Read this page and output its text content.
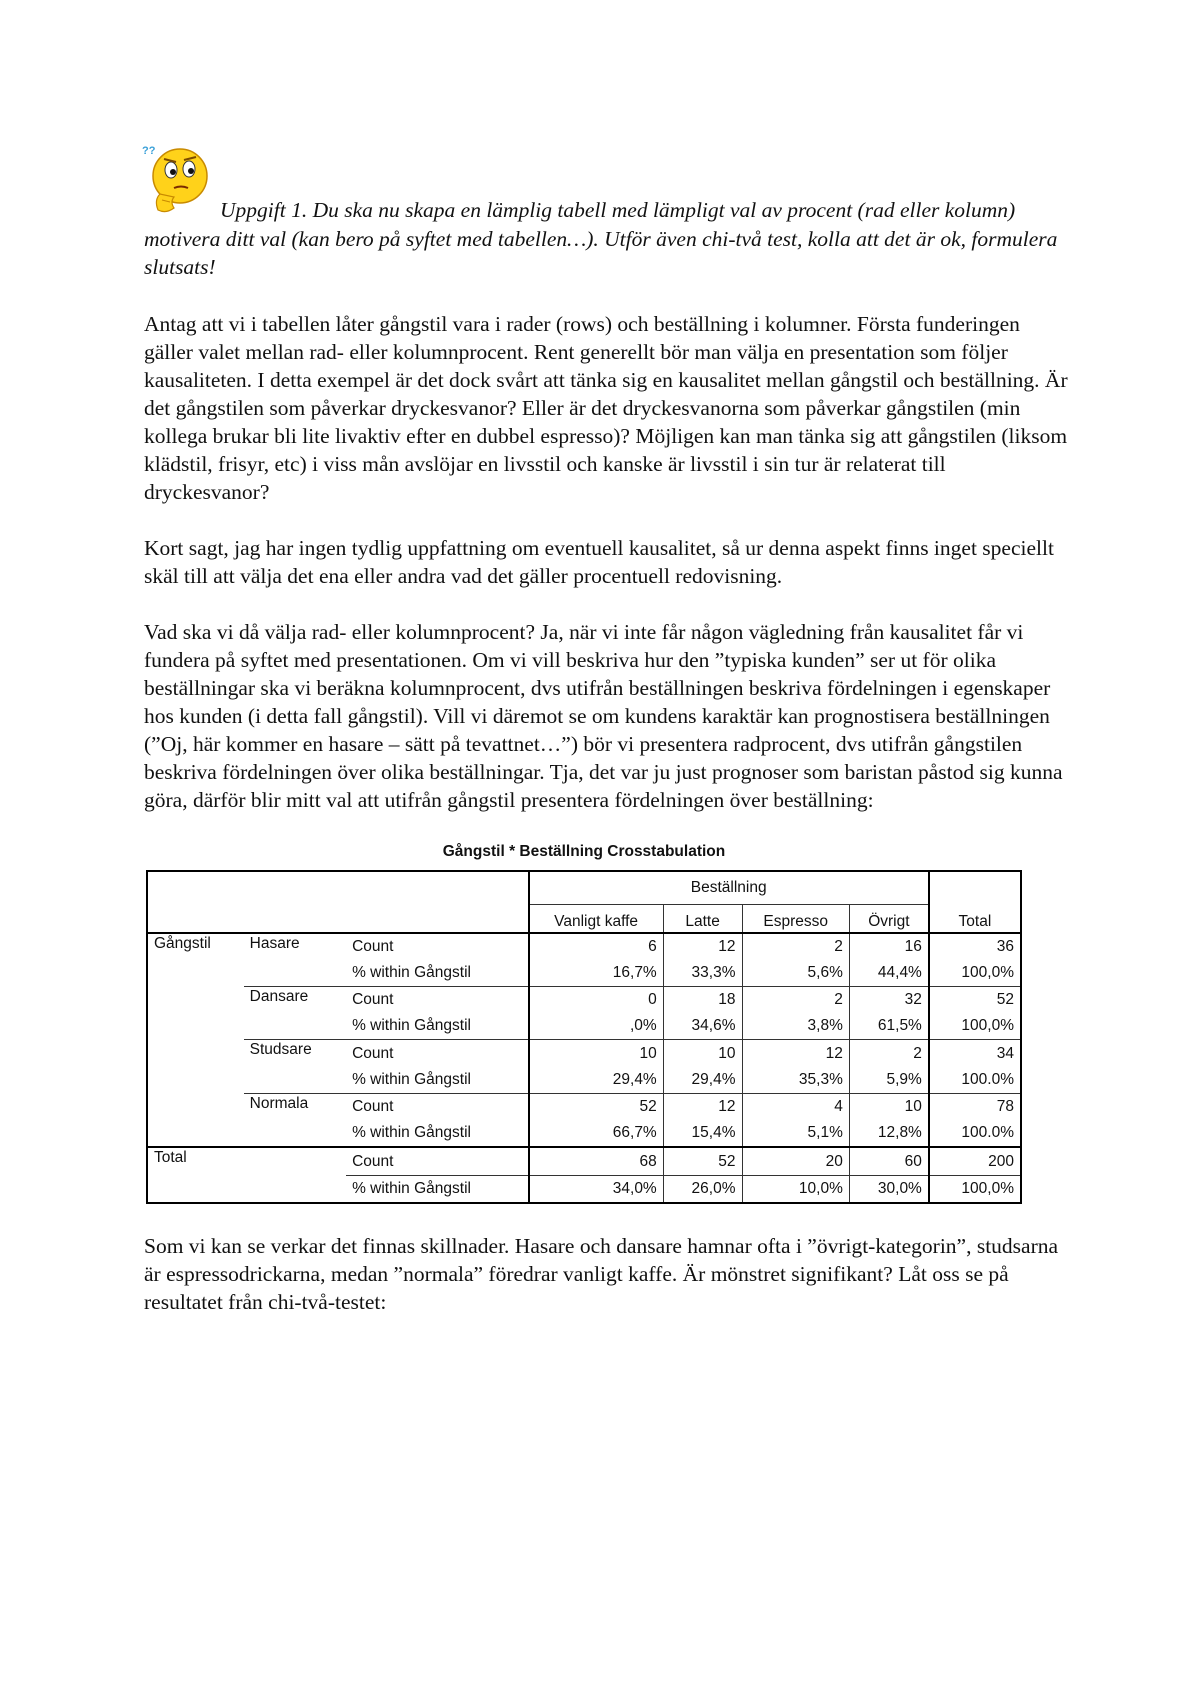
??

Uppgift 1. Du ska nu skapa en lämplig tabell med lämpligt val av procent (rad eller kolumn) motivera ditt val (kan bero på syftet med tabellen…). Utför även chi-två test, kolla att det är ok, formulera slutsats!

Antag att vi i tabellen låter gångstil vara i rader (rows) och beställning i kolumner. Första funderingen gäller valet mellan rad- eller kolumnprocent. Rent generellt bör man välja en presentation som följer kausaliteten. I detta exempel är det dock svårt att tänka sig en kausalitet mellan gångstil och beställning. Är det gångstilen som påverkar dryckesvanor? Eller är det dryckesvanorna som påverkar gångstilen (min kollega brukar bli lite livaktiv efter en dubbel espresso)? Möjligen kan man tänka sig att gångstilen (liksom klädstil, frisyr, etc) i viss mån avslöjar en livsstil och kanske är livsstil i sin tur är relaterat till dryckesvanor?

Kort sagt, jag har ingen tydlig uppfattning om eventuell kausalitet, så ur denna aspekt finns inget speciellt skäl till att välja det ena eller andra vad det gäller procentuell redovisning.

Vad ska vi då välja rad- eller kolumnprocent? Ja, när vi inte får någon vägledning från kausalitet får vi fundera på syftet med presentationen. Om vi vill beskriva hur den ”typiska kunden” ser ut för olika beställningar ska vi beräkna kolumnprocent, dvs utifrån beställningen beskriva fördelningen i egenskaper hos kunden (i detta fall gångstil). Vill vi däremot se om kundens karaktär kan prognostisera beställningen (”Oj, här kommer en hasare – sätt på tevattnet…”) bör vi presentera radprocent, dvs utifrån gångstilen beskriva fördelningen över olika beställningar. Tja, det var ju just prognoser som baristan påstod sig kunna göra, därför blir mitt val att utifrån gångstil presentera fördelningen över beställning:

Gångstil * Beställning Crosstabulation
			Beställning				Total
			Vanligt kaffe	Latte	Espresso	Övrigt	
Gångstil	Hasare	Count	6	12	2	16	36
		% within Gångstil	16,7%	33,3%	5,6%	44,4%	100,0%
	Dansare	Count	0	18	2	32	52
		% within Gångstil	,0%	34,6%	3,8%	61,5%	100,0%
	Studsare	Count	10	10	12	2	34
		% within Gångstil	29,4%	29,4%	35,3%	5,9%	100.0%
	Normala	Count	52	12	4	10	78
		% within Gångstil	66,7%	15,4%	5,1%	12,8%	100.0%
Total		Count	68	52	20	60	200
		% within Gångstil	34,0%	26,0%	10,0%	30,0%	100,0%

Som vi kan se verkar det finnas skillnader. Hasare och dansare hamnar ofta i ”övrigt-kategorin”, studsarna är espressodrickarna, medan ”normala” föredrar vanligt kaffe. Är mönstret signifikant? Låt oss se på resultatet från chi-två-testet:
